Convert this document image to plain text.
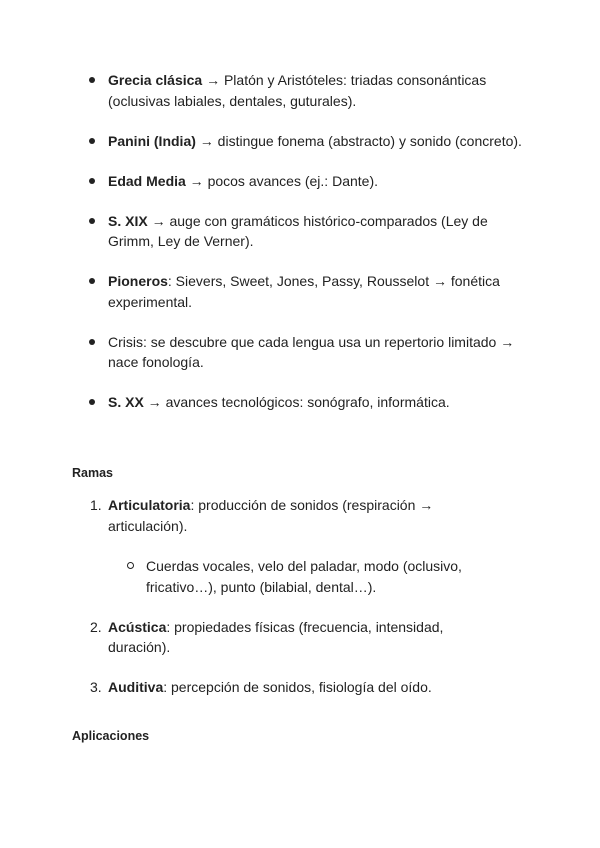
Grecia clásica → Platón y Aristóteles: triadas consonánticas (oclusivas labiales, dentales, guturales).
Panini (India) → distingue fonema (abstracto) y sonido (concreto).
Edad Media → pocos avances (ej.: Dante).
S. XIX → auge con gramáticos histórico-comparados (Ley de Grimm, Ley de Verner).
Pioneros: Sievers, Sweet, Jones, Passy, Rousselot → fonética experimental.
Crisis: se descubre que cada lengua usa un repertorio limitado → nace fonología.
S. XX → avances tecnológicos: sonógrafo, informática.
Ramas
1. Articulatoria: producción de sonidos (respiración → articulación).
Cuerdas vocales, velo del paladar, modo (oclusivo, fricativo…), punto (bilabial, dental…).
2. Acústica: propiedades físicas (frecuencia, intensidad, duración).
3. Auditiva: percepción de sonidos, fisiología del oído.
Aplicaciones
